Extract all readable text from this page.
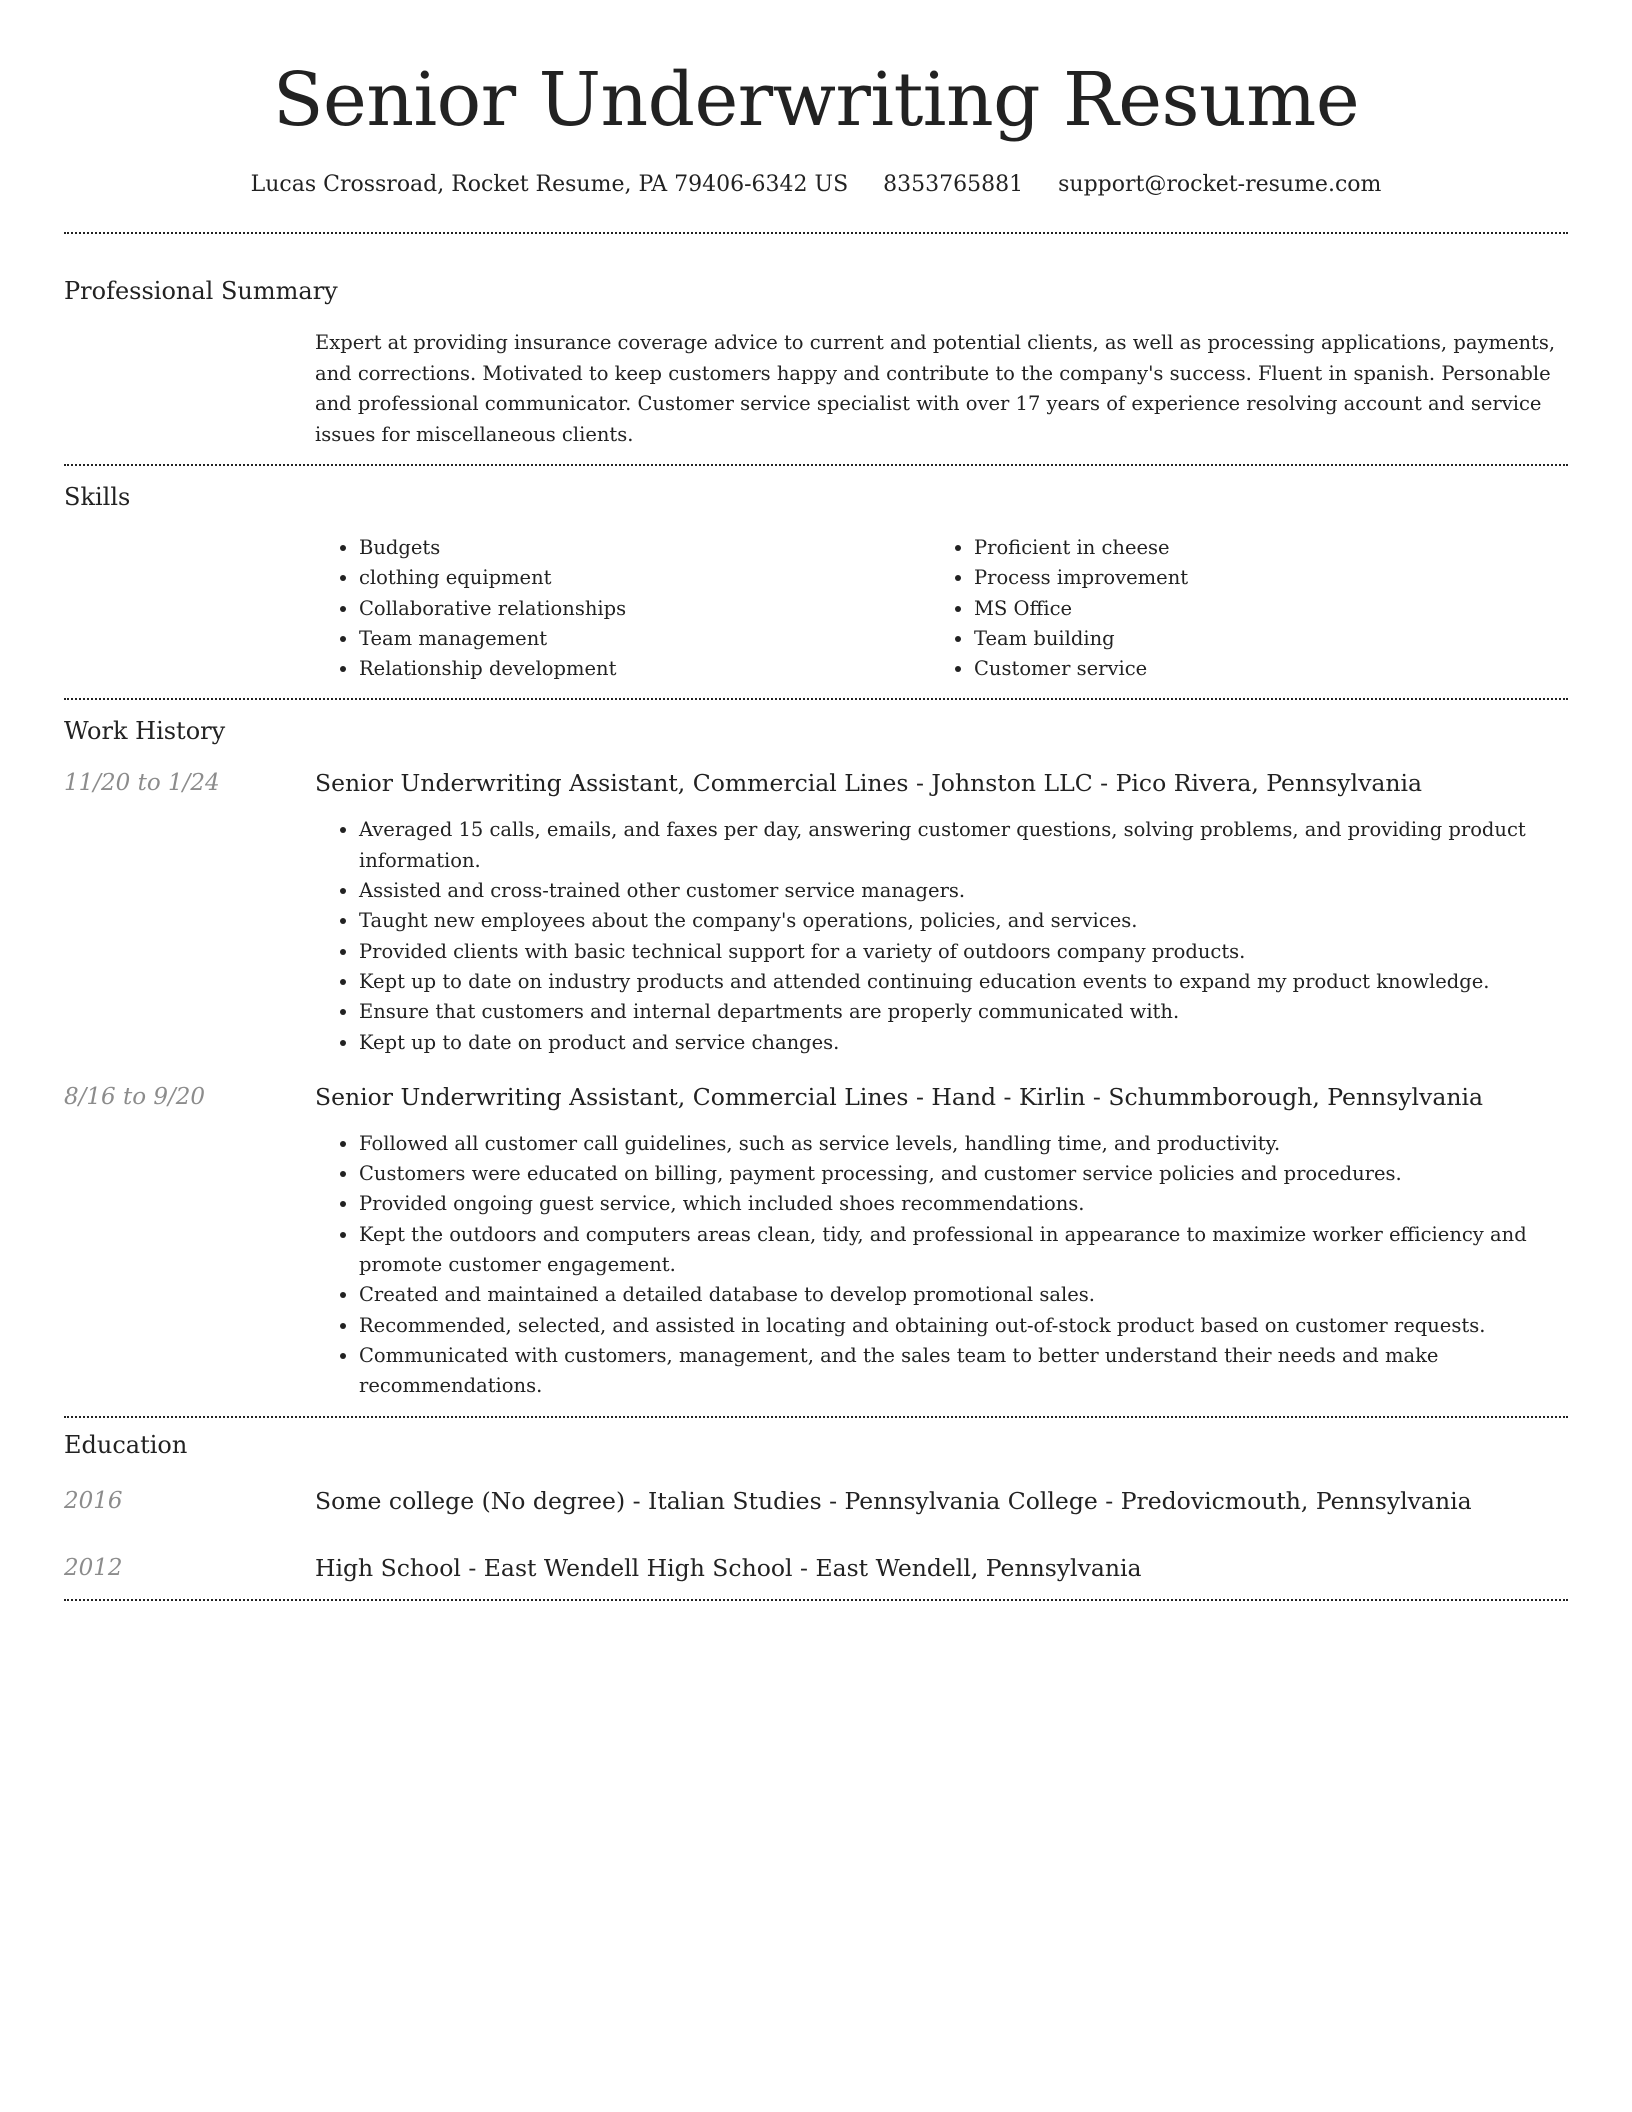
Senior Underwriting Resume
Lucas Crossroad, Rocket Resume, PA 79406-6342 US 8353765881 support@rocket-resume.com
Professional Summary
Expert at providing insurance coverage advice to current and potential clients, as well as processing applications, payments, and corrections. Motivated to keep customers happy and contribute to the company's success. Fluent in spanish. Personable and professional communicator. Customer service specialist with over 17 years of experience resolving account and service issues for miscellaneous clients.
Skills
• Budgets
• clothing equipment
• Collaborative relationships
• Team management
• Relationship development
• Proficient in cheese
• Process improvement
• MS Office
• Team building
• Customer service
Work History
11/20 to 1/24	Senior Underwriting Assistant, Commercial Lines - Johnston LLC - Pico Rivera, Pennsylvania
• Averaged 15 calls, emails, and faxes per day, answering customer questions, solving problems, and providing product information.
• Assisted and cross-trained other customer service managers.
• Taught new employees about the company's operations, policies, and services.
• Provided clients with basic technical support for a variety of outdoors company products.
• Kept up to date on industry products and attended continuing education events to expand my product knowledge.
• Ensure that customers and internal departments are properly communicated with.
• Kept up to date on product and service changes.
8/16 to 9/20	Senior Underwriting Assistant, Commercial Lines - Hand - Kirlin - Schummborough, Pennsylvania
• Followed all customer call guidelines, such as service levels, handling time, and productivity.
• Customers were educated on billing, payment processing, and customer service policies and procedures.
• Provided ongoing guest service, which included shoes recommendations.
• Kept the outdoors and computers areas clean, tidy, and professional in appearance to maximize worker efficiency and promote customer engagement.
• Created and maintained a detailed database to develop promotional sales.
• Recommended, selected, and assisted in locating and obtaining out-of-stock product based on customer requests.
• Communicated with customers, management, and the sales team to better understand their needs and make recommendations.
Education
2016	Some college (No degree) - Italian Studies - Pennsylvania College - Predovicmouth, Pennsylvania
2012	High School - East Wendell High School - East Wendell, Pennsylvania
